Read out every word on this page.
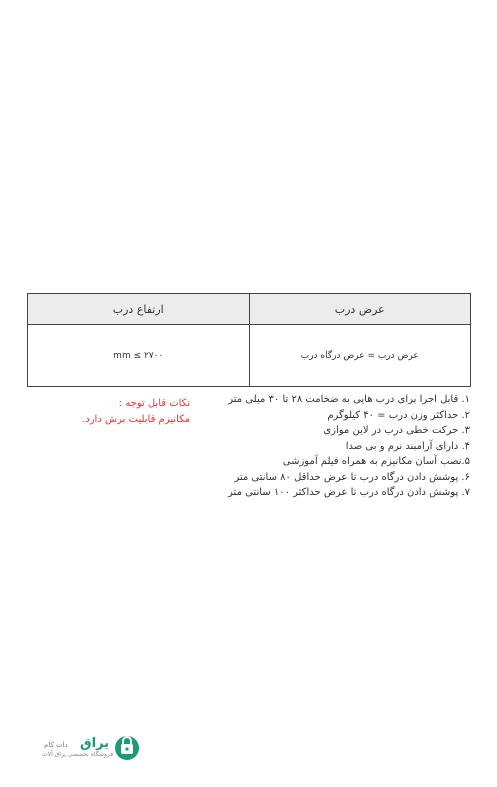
عرض درب
عرض درب = عرض درگاه درب
ارتفاع درب
۲۷۰۰ ≥ mm
نکات قابل توجه :
مکانیزم قابلیت برش دارد.
۱. قابل اجرا برای درب هایی به ضخامت ۲۸ تا ۳۰ میلی متر
۲. حداکثر وزن درب = ۴۰ کیلوگرم
۳. حرکت خطی درب در لاین موازی
۴. دارای آرامبند نرم و بی صدا
۵.نصب آسان مکانیزم به همراه فیلم آموزشی
۶. پوشش دادن درگاه درب تا عرض حداقل ۸۰ سانتی متر
۷. پوشش دادن درگاه درب تا عرض حداکثر ۱۰۰ سانتی متر
یراق
دات کام
فروشگاه تخصصی یراق آلات
